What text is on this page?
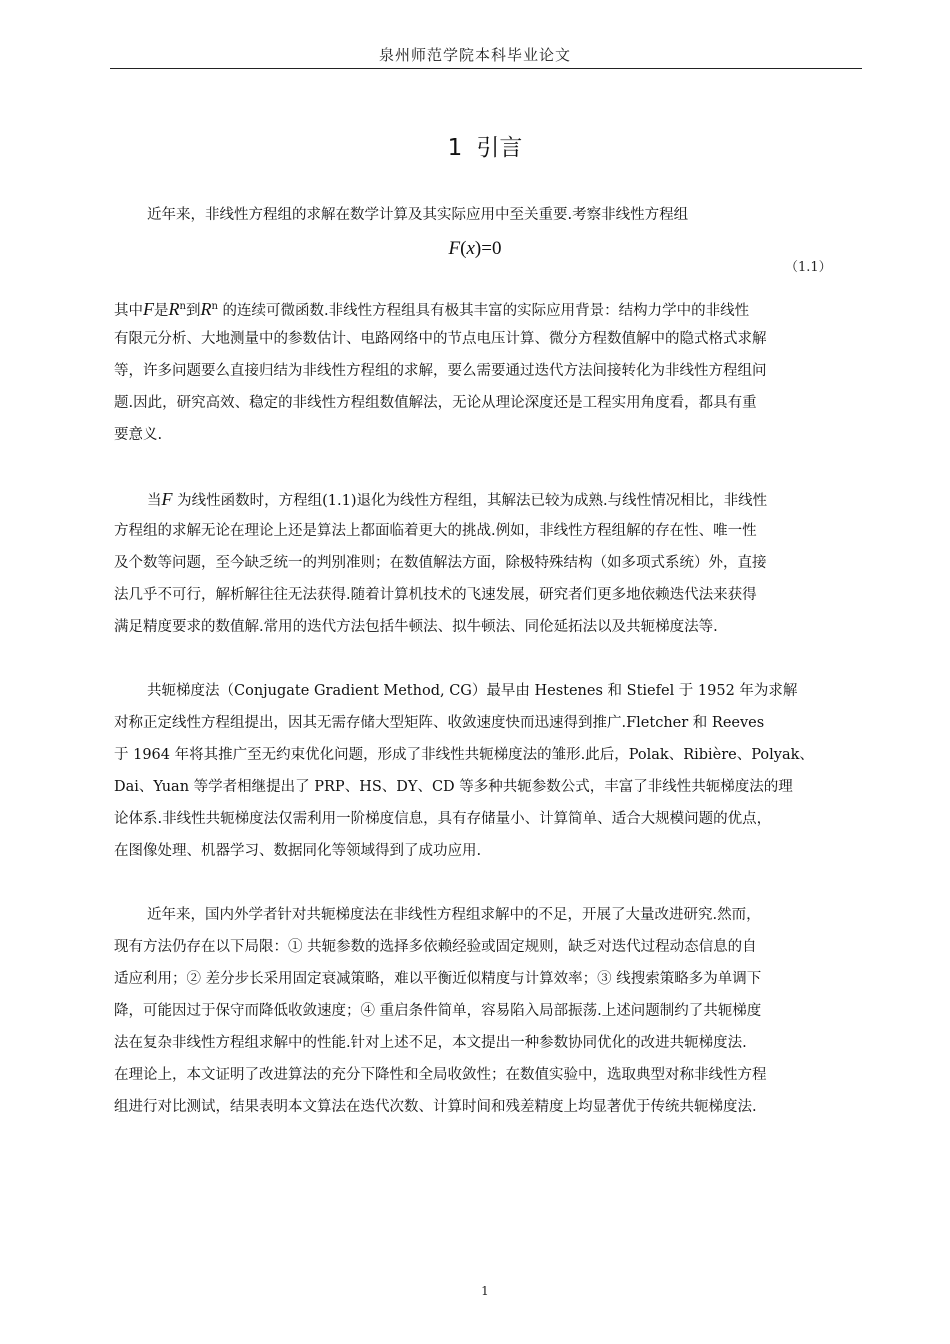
泉州师范学院本科毕业论文
1 引言

近年来，非线性方程组的求解在数学计算及其实际应用中至关重要.考察非线性方程组

F(x)=0
（1.1）

其中F是$R^n$到$R^n$ 的连续可微函数.非线性方程组具有极其丰富的实际应用背景：结构力学中的非线性
有限元分析、大地测量中的参数估计、电路网络中的节点电压计算、微分方程数值解中的隐式格式求解
等，许多问题要么直接归结为非线性方程组的求解，要么需要通过迭代方法间接转化为非线性方程组问
题.因此，研究高效、稳定的非线性方程组数值解法，无论从理论深度还是工程实用角度看，都具有重
要意义.

当F 为线性函数时，方程组(1.1)退化为线性方程组，其解法已较为成熟.与线性情况相比，非线性
方程组的求解无论在理论上还是算法上都面临着更大的挑战.例如，非线性方程组解的存在性、唯一性
及个数等问题，至今缺乏统一的判别准则；在数值解法方面，除极特殊结构（如多项式系统）外，直接
法几乎不可行，解析解往往无法获得.随着计算机技术的飞速发展，研究者们更多地依赖迭代法来获得
满足精度要求的数值解.常用的迭代方法包括牛顿法、拟牛顿法、同伦延拓法以及共轭梯度法等.

共轭梯度法（Conjugate Gradient Method, CG）最早由 Hestenes 和 Stiefel 于 1952 年为求解
对称正定线性方程组提出，因其无需存储大型矩阵、收敛速度快而迅速得到推广.Fletcher 和 Reeves
于 1964 年将其推广至无约束优化问题，形成了非线性共轭梯度法的雏形.此后，Polak、Ribière、Polyak、
Dai、Yuan 等学者相继提出了 PRP、HS、DY、CD 等多种共轭参数公式，丰富了非线性共轭梯度法的理
论体系.非线性共轭梯度法仅需利用一阶梯度信息，具有存储量小、计算简单、适合大规模问题的优点，
在图像处理、机器学习、数据同化等领域得到了成功应用.

近年来，国内外学者针对共轭梯度法在非线性方程组求解中的不足，开展了大量改进研究.然而，
现有方法仍存在以下局限：① 共轭参数的选择多依赖经验或固定规则，缺乏对迭代过程动态信息的自
适应利用；② 差分步长采用固定衰减策略，难以平衡近似精度与计算效率；③ 线搜索策略多为单调下
降，可能因过于保守而降低收敛速度；④ 重启条件简单，容易陷入局部振荡.上述问题制约了共轭梯度
法在复杂非线性方程组求解中的性能.针对上述不足，本文提出一种参数协同优化的改进共轭梯度法.
在理论上，本文证明了改进算法的充分下降性和全局收敛性；在数值实验中，选取典型对称非线性方程
组进行对比测试，结果表明本文算法在迭代次数、计算时间和残差精度上均显著优于传统共轭梯度法.

1
